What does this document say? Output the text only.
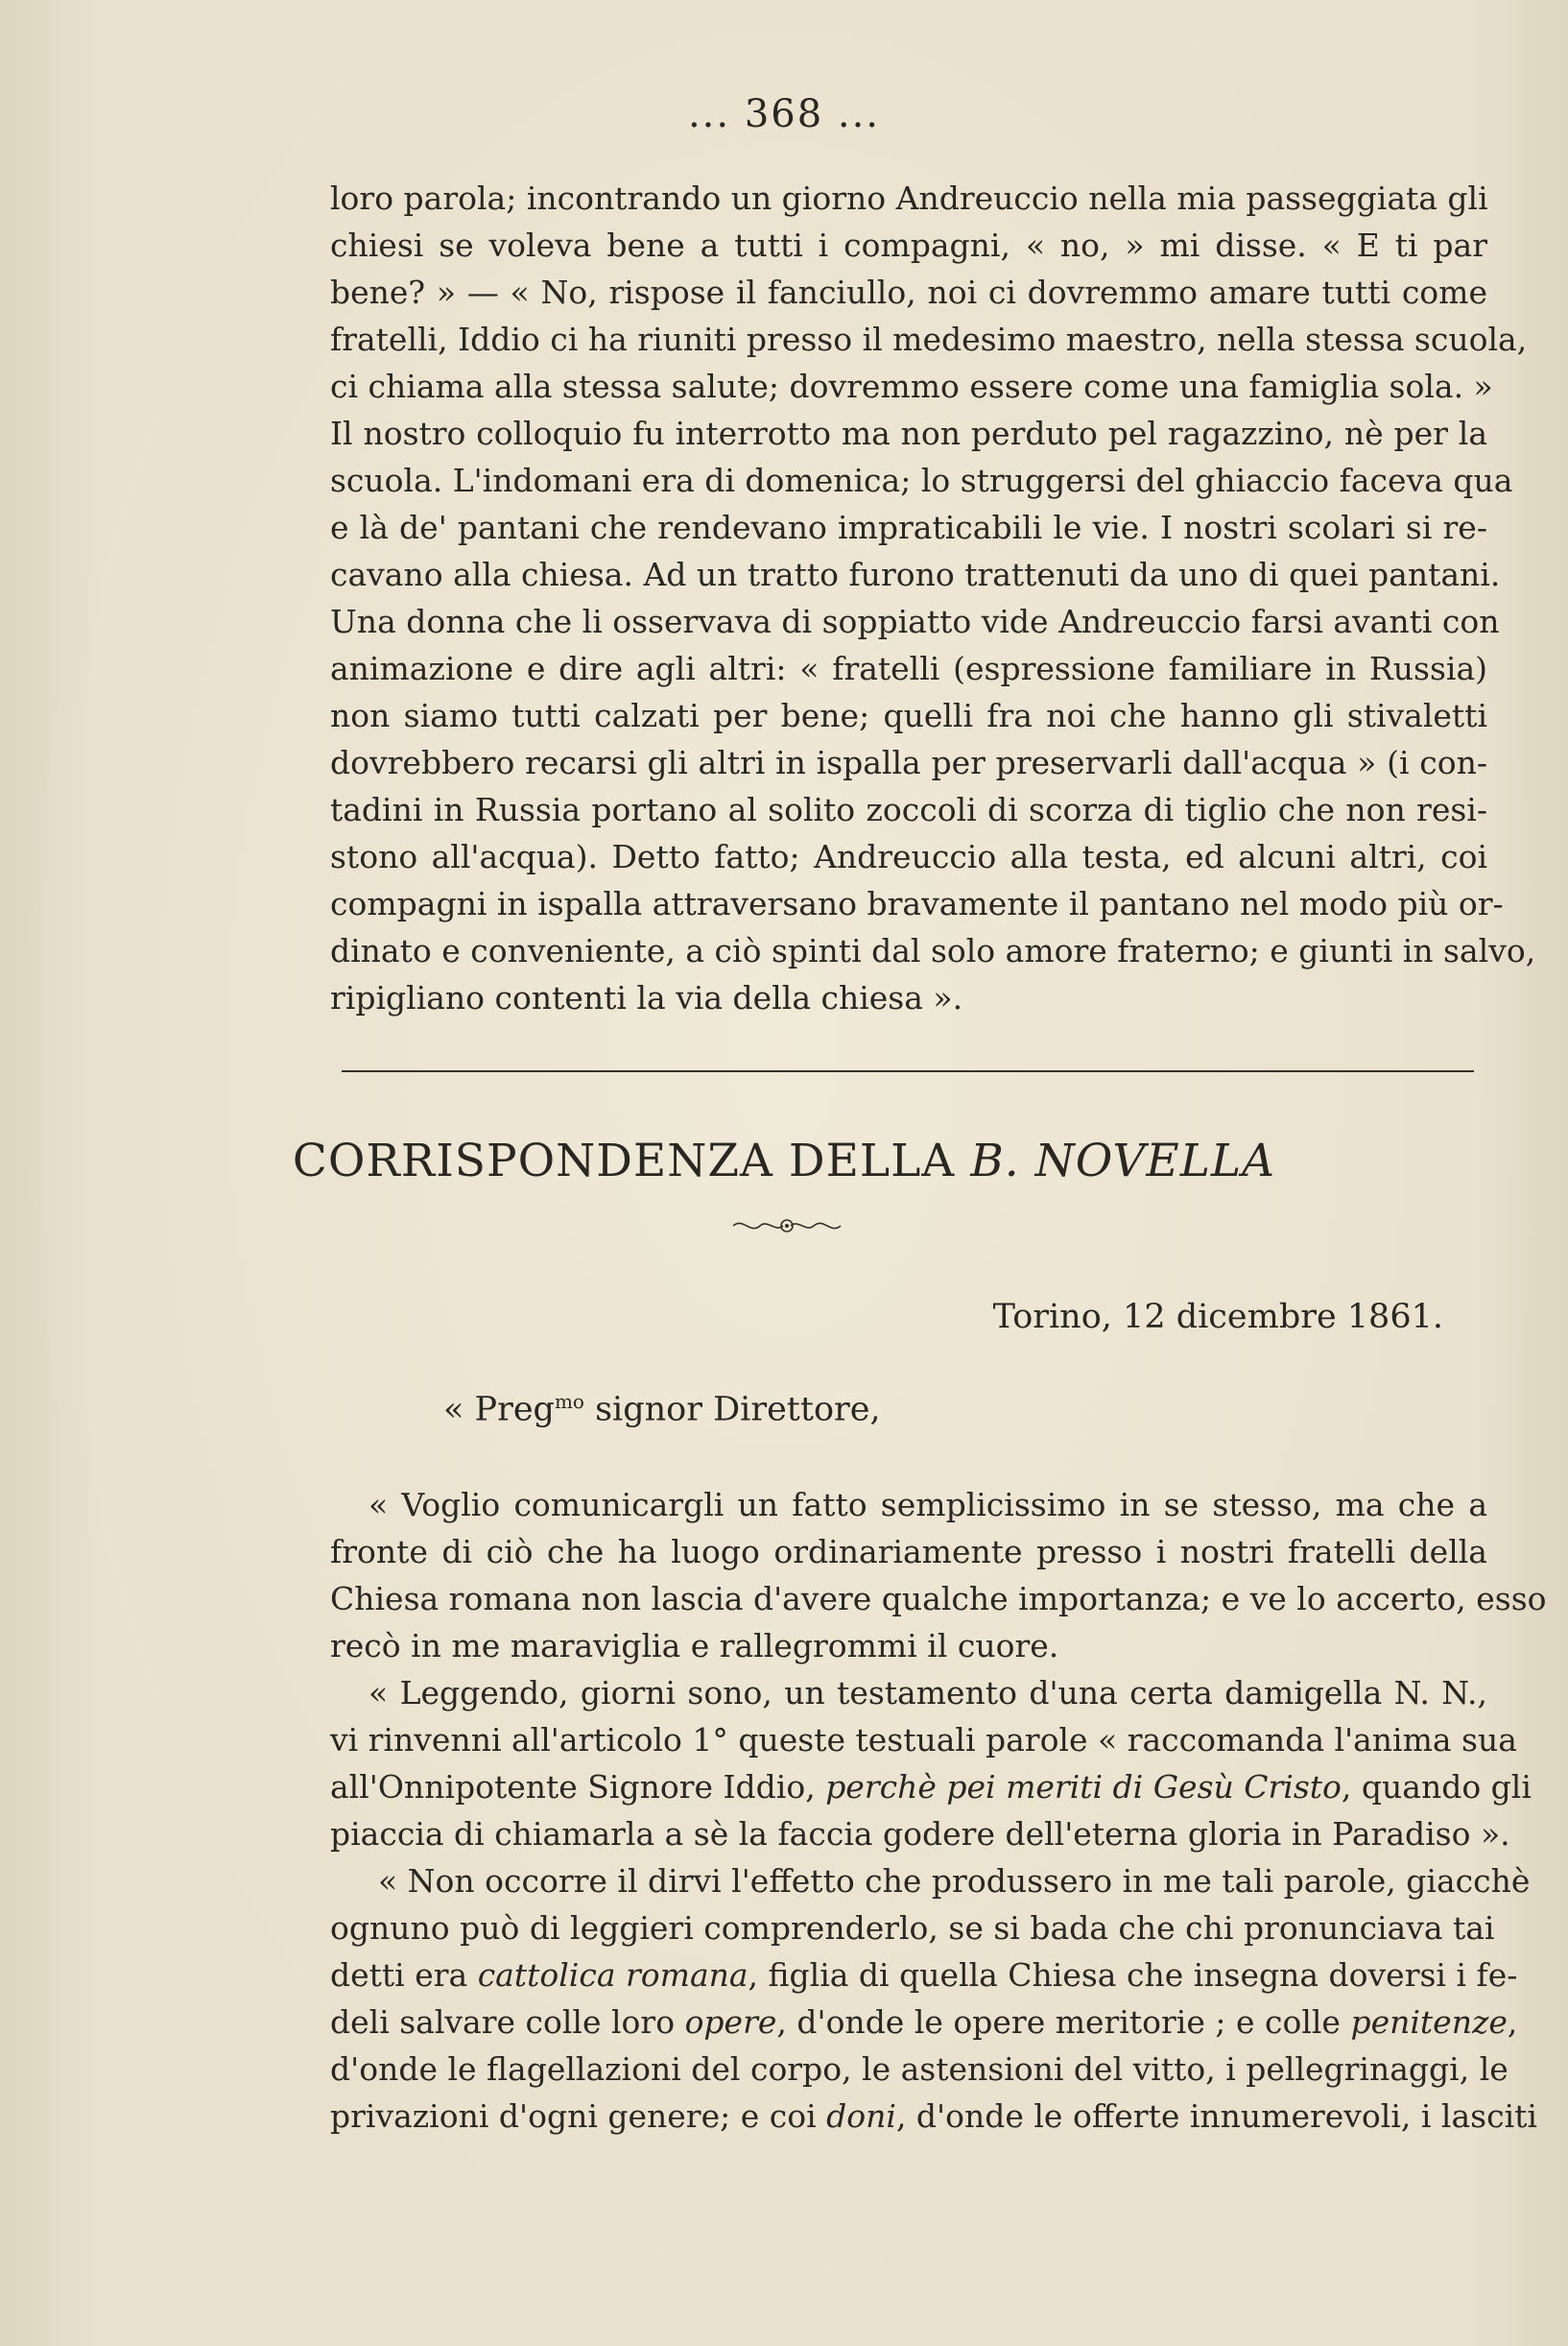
... 368 ...
loro parola; incontrando un giorno Andreuccio nella mia passeggiata gli
chiesi se voleva bene a tutti i compagni, « no, » mi disse. « E ti par
bene? » — « No, rispose il fanciullo, noi ci dovremmo amare tutti come
fratelli, Iddio ci ha riuniti presso il medesimo maestro, nella stessa scuola,
ci chiama alla stessa salute; dovremmo essere come una famiglia sola. »
Il nostro colloquio fu interrotto ma non perduto pel ragazzino, nè per la
scuola. L'indomani era di domenica; lo struggersi del ghiaccio faceva qua
e là de' pantani che rendevano impraticabili le vie. I nostri scolari si re-
cavano alla chiesa. Ad un tratto furono trattenuti da uno di quei pantani.
Una donna che li osservava di soppiatto vide Andreuccio farsi avanti con
animazione e dire agli altri: « fratelli (espressione familiare in Russia)
non siamo tutti calzati per bene; quelli fra noi che hanno gli stivaletti
dovrebbero recarsi gli altri in ispalla per preservarli dall'acqua » (i con-
tadini in Russia portano al solito zoccoli di scorza di tiglio che non resi-
stono all'acqua). Detto fatto; Andreuccio alla testa, ed alcuni altri, coi
compagni in ispalla attraversano bravamente il pantano nel modo più or-
dinato e conveniente, a ciò spinti dal solo amore fraterno; e giunti in salvo,
ripigliano contenti la via della chiesa ».
CORRISPONDENZA DELLA B. NOVELLA
Torino, 12 dicembre 1861.
« Preg$^{mo}$ signor Direttore,
« Voglio comunicargli un fatto semplicissimo in se stesso, ma che a
fronte di ciò che ha luogo ordinariamente presso i nostri fratelli della
Chiesa romana non lascia d'avere qualche importanza; e ve lo accerto, esso
recò in me maraviglia e rallegrommi il cuore.
« Leggendo, giorni sono, un testamento d'una certa damigella N. N.,
vi rinvenni all'articolo 1° queste testuali parole « raccomanda l'anima sua
all'Onnipotente Signore Iddio, perchè pei meriti di Gesù Cristo, quando gli
piaccia di chiamarla a sè la faccia godere dell'eterna gloria in Paradiso ».
« Non occorre il dirvi l'effetto che produssero in me tali parole, giacchè
ognuno può di leggieri comprenderlo, se si bada che chi pronunciava tai
detti era cattolica romana, figlia di quella Chiesa che insegna doversi i fe-
deli salvare colle loro opere, d'onde le opere meritorie ; e colle penitenze,
d'onde le flagellazioni del corpo, le astensioni del vitto, i pellegrinaggi, le
privazioni d'ogni genere; e coi doni, d'onde le offerte innumerevoli, i lasciti
